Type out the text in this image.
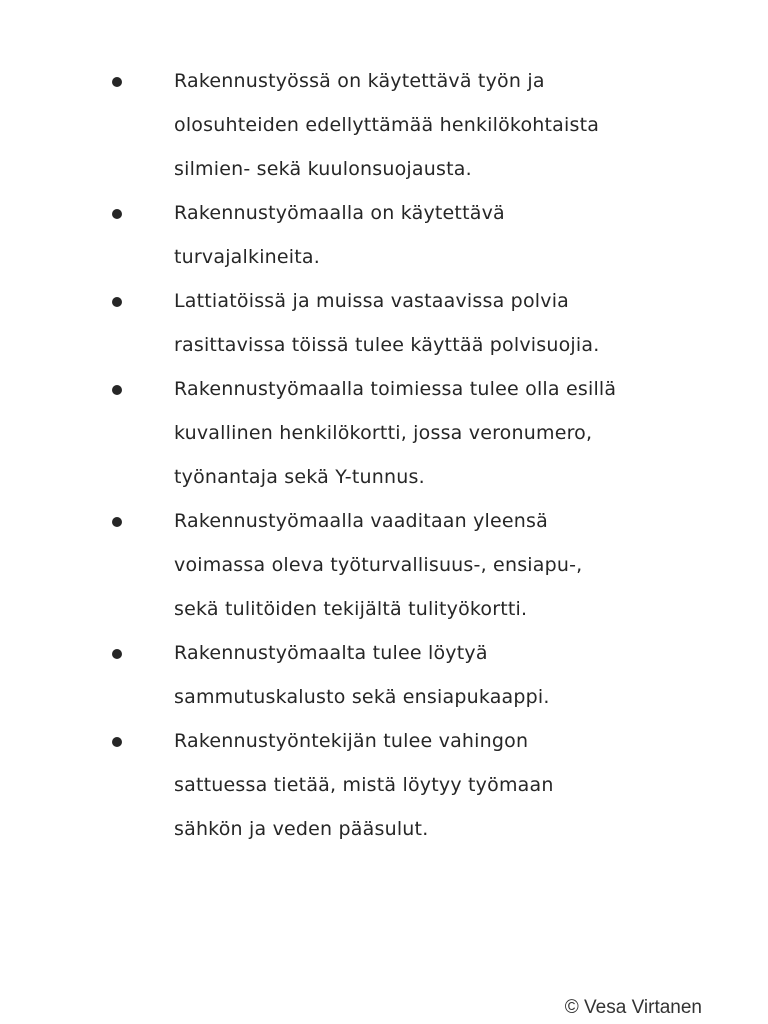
Rakennustyössä on käytettävä työn ja
olosuhteiden edellyttämää henkilökohtaista
silmien- sekä kuulonsuojausta.
Rakennustyömaalla on käytettävä
turvajalkineita.
Lattiatöissä ja muissa vastaavissa polvia
rasittavissa töissä tulee käyttää polvisuojia.
Rakennustyömaalla toimiessa tulee olla esillä
kuvallinen henkilökortti, jossa veronumero,
työnantaja sekä Y-tunnus.
Rakennustyömaalla vaaditaan yleensä
voimassa oleva työturvallisuus-, ensiapu-,
sekä tulitöiden tekijältä tulityökortti.
Rakennustyömaalta tulee löytyä
sammutuskalusto sekä ensiapukaappi.
Rakennustyöntekijän tulee vahingon
sattuessa tietää, mistä löytyy työmaan
sähkön ja veden pääsulut.
© Vesa Virtanen
